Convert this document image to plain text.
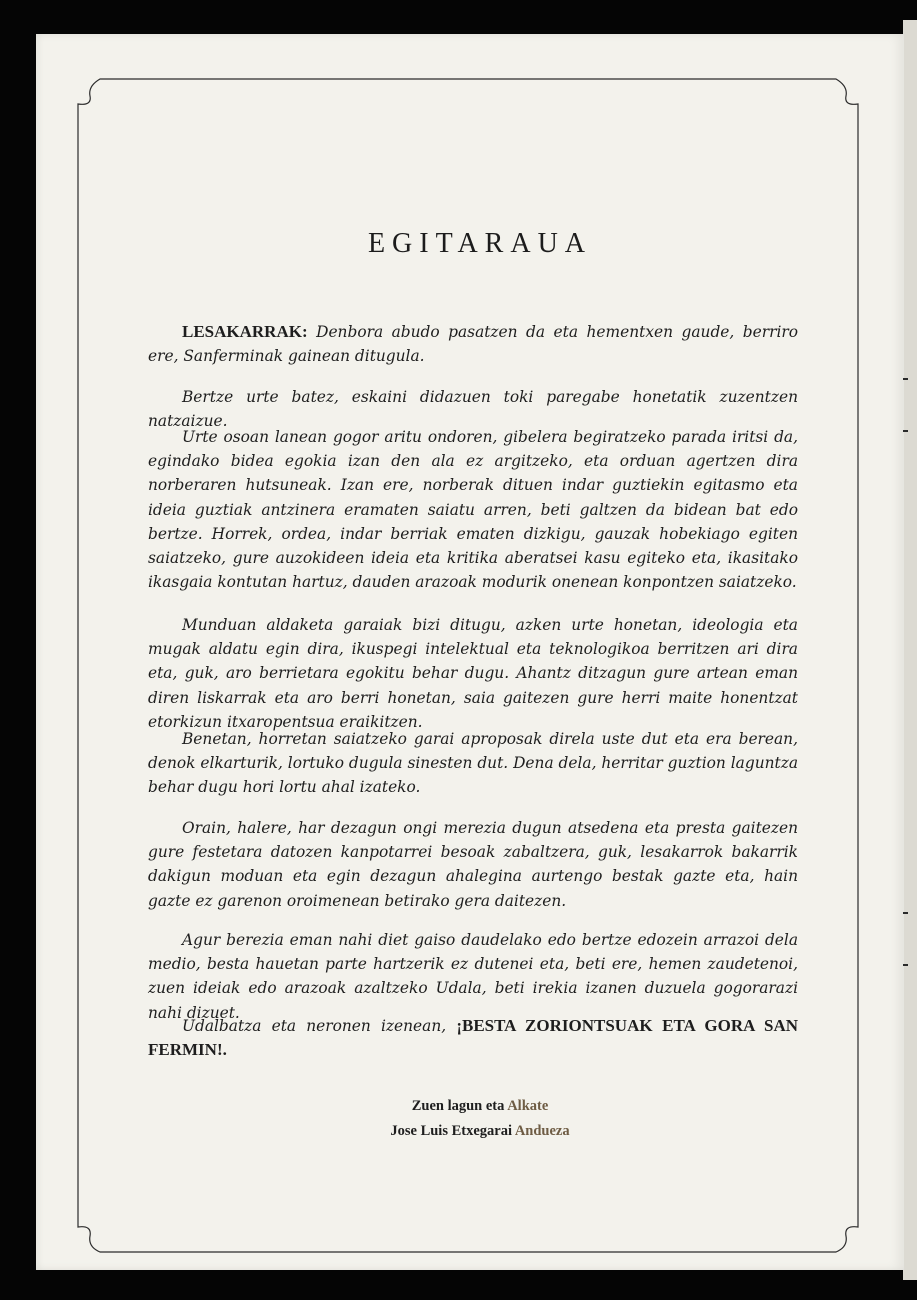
EGITARAUA

LESAKARRAK: Denbora abudo pasatzen da eta hementxen gaude, berriro ere, Sanferminak gainean ditugula.

Bertze urte batez, eskaini didazuen toki paregabe honetatik zuzentzen natzaizue.

Urte osoan lanean gogor aritu ondoren, gibelera begiratzeko parada iritsi da, egindako bidea egokia izan den ala ez argitzeko, eta orduan agertzen dira norberaren hutsuneak. Izan ere, norberak dituen indar guztiekin egitasmo eta ideia guztiak antzinera eramaten saiatu arren, beti galtzen da bidean bat edo bertze. Horrek, ordea, indar berriak ematen dizkigu, gauzak hobekiago egiten saiatzeko, gure auzokideen ideia eta kritika aberatsei kasu egiteko eta, ikasitako ikasgaia kontutan hartuz, dauden arazoak modurik onenean konpontzen saiatzeko.

Munduan aldaketa garaiak bizi ditugu, azken urte honetan, ideologia eta mugak aldatu egin dira, ikuspegi intelektual eta teknologikoa berritzen ari dira eta, guk, aro berrietara egokitu behar dugu. Ahantz ditzagun gure artean eman diren liskarrak eta aro berri honetan, saia gaitezen gure herri maite honentzat etorkizun itxaropentsua eraikitzen.

Benetan, horretan saiatzeko garai aproposak direla uste dut eta era berean, denok elkarturik, lortuko dugula sinesten dut. Dena dela, herritar guztion laguntza behar dugu hori lortu ahal izateko.

Orain, halere, har dezagun ongi merezia dugun atsedena eta presta gaitezen gure festetara datozen kanpotarrei besoak zabaltzera, guk, lesakarrok bakarrik dakigun moduan eta egin dezagun ahalegina aurtengo bestak gazte eta, hain gazte ez garenon oroimenean betirako gera daitezen.

Agur berezia eman nahi diet gaiso daudelako edo bertze edozein arrazoi dela medio, besta hauetan parte hartzerik ez dutenei eta, beti ere, hemen zaudetenoi, zuen ideiak edo arazoak azaltzeko Udala, beti irekia izanen duzuela gogorarazi nahi dizuet.

Udalbatza eta neronen izenean, ¡BESTA ZORIONTSUAK ETA GORA SAN FERMIN!.

Zuen lagun eta Alkate
Jose Luis Etxegarai Andueza
